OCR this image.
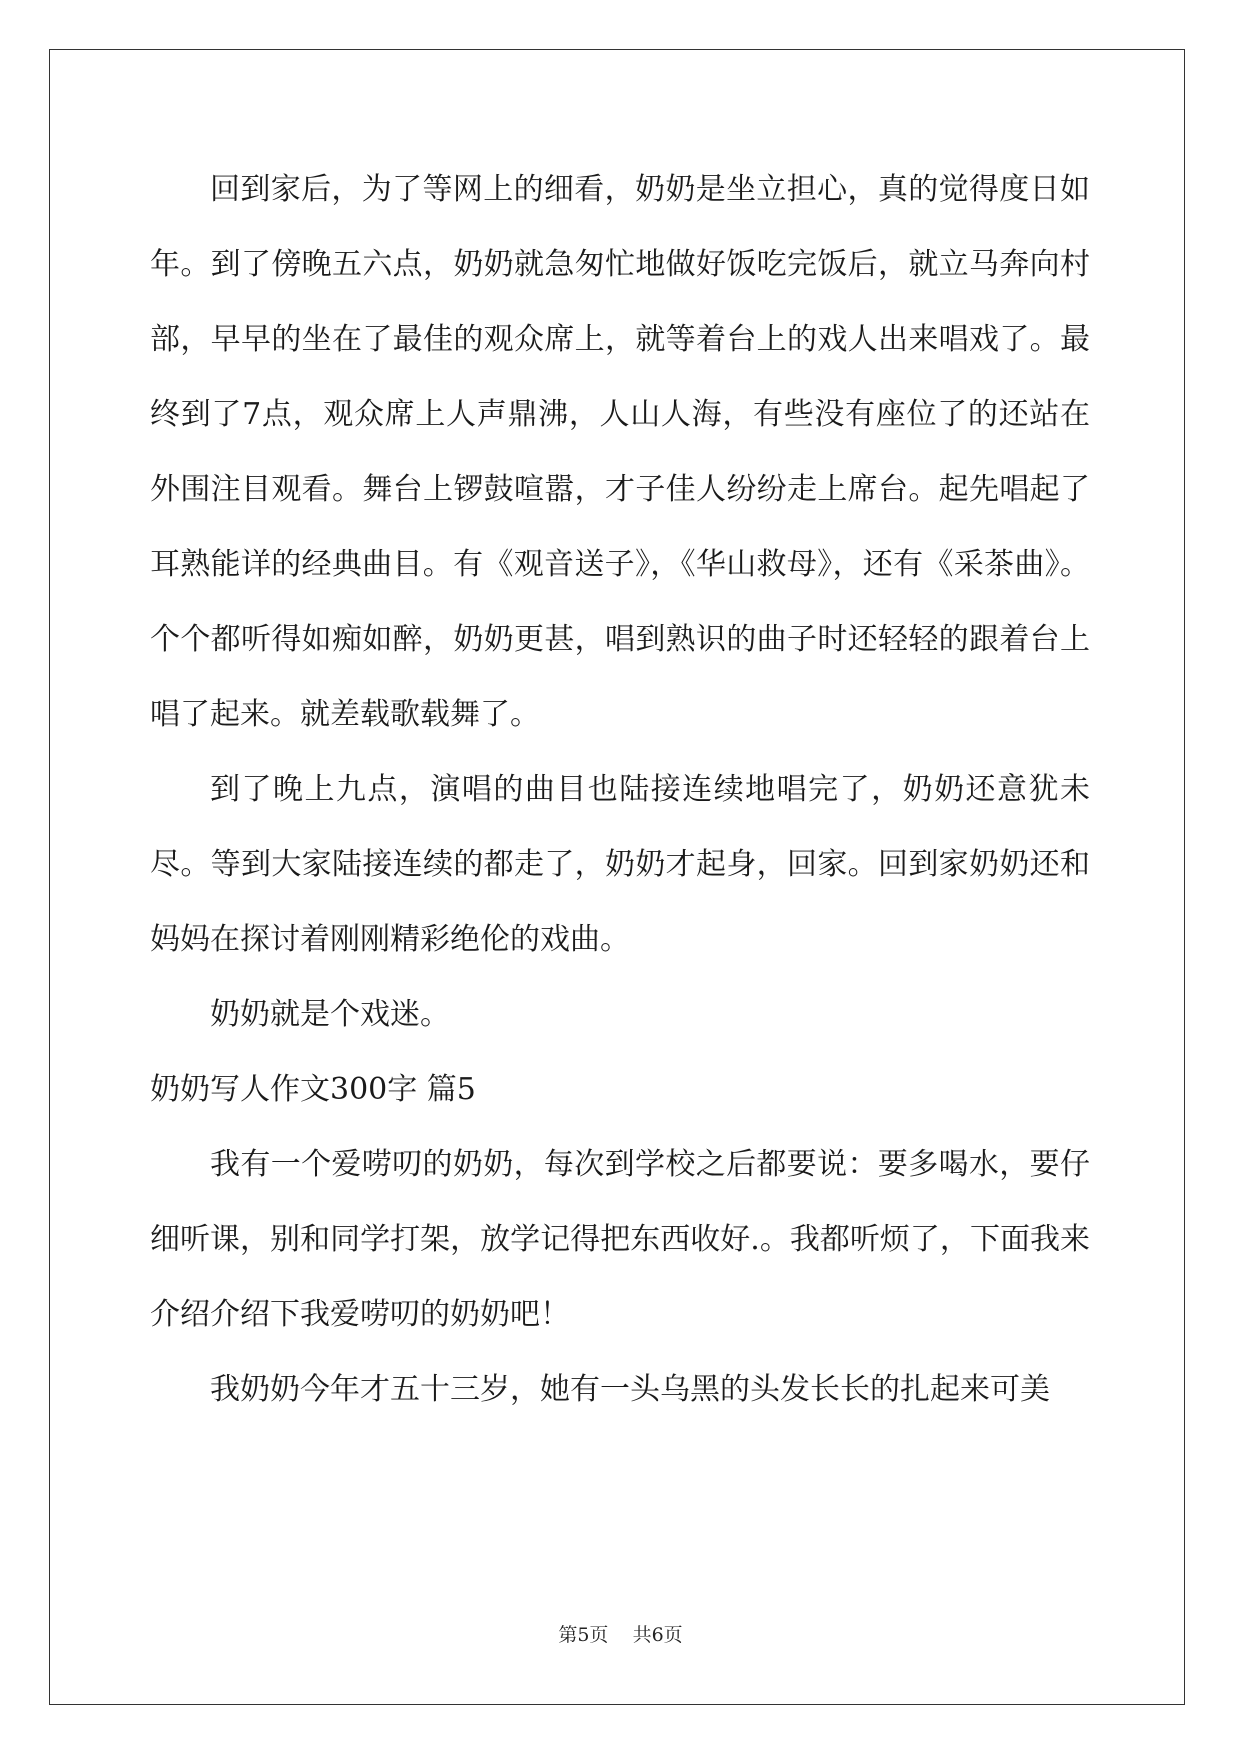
回到家后，为了等网上的细看，奶奶是坐立担心，真的觉得度日如年。到了傍晚五六点，奶奶就急匆忙地做好饭吃完饭后，就立马奔向村部，早早的坐在了最佳的观众席上，就等着台上的戏人出来唱戏了。最终到了7点，观众席上人声鼎沸，人山人海，有些没有座位了的还站在外围注目观看。舞台上锣鼓喧嚣，才子佳人纷纷走上席台。起先唱起了耳熟能详的经典曲目。有《观音送子》，《华山救母》，还有《采茶曲》。个个都听得如痴如醉，奶奶更甚，唱到熟识的曲子时还轻轻的跟着台上唱了起来。就差载歌载舞了。

到了晚上九点，演唱的曲目也陆接连续地唱完了，奶奶还意犹未尽。等到大家陆接连续的都走了，奶奶才起身，回家。回到家奶奶还和妈妈在探讨着刚刚精彩绝伦的戏曲。

奶奶就是个戏迷。

奶奶写人作文300字 篇5

我有一个爱唠叨的奶奶，每次到学校之后都要说：要多喝水，要仔细听课，别和同学打架，放学记得把东西收好.。我都听烦了，下面我来介绍介绍下我爱唠叨的奶奶吧！

我奶奶今年才五十三岁，她有一头乌黑的头发长长的扎起来可美

第5页    共6页
